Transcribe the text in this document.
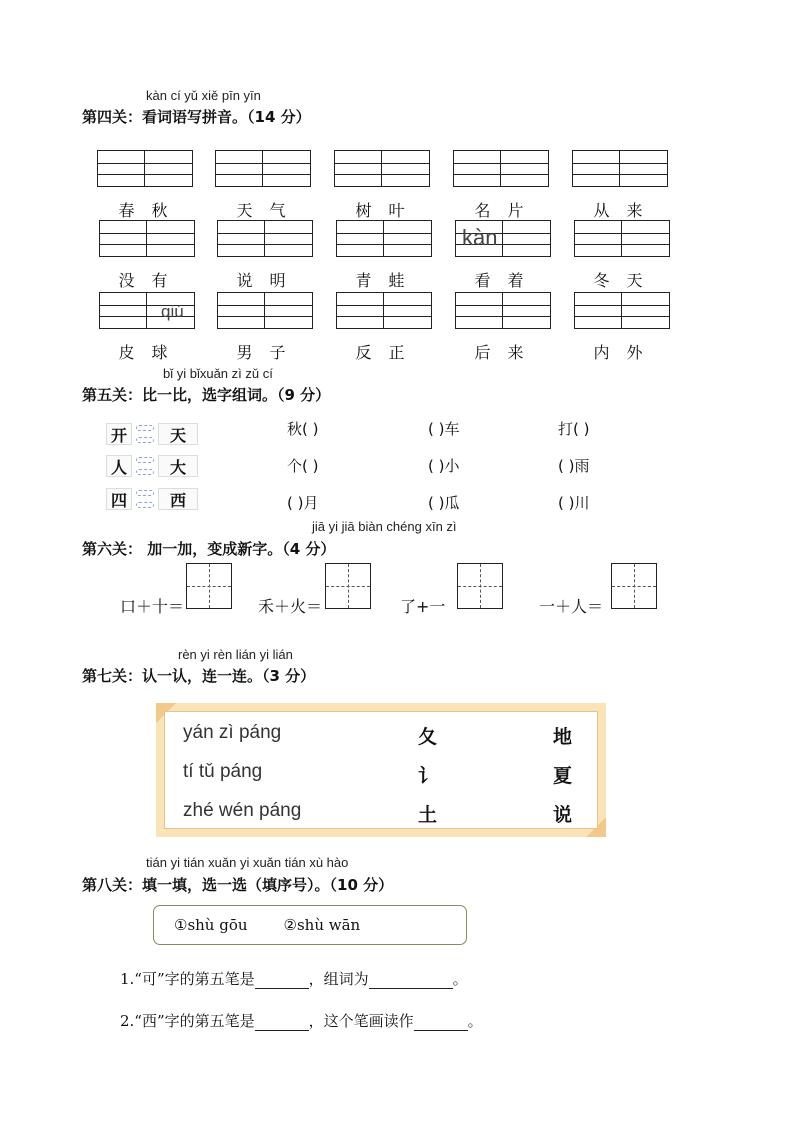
kàn cí yǔ xiě pīn yīn
第四关：看词语写拼音。（14 分）
春 秋	天 气	树 叶	名 片	从 来
没 有	说 明	青 蛙	看 着	冬 天
皮 球	男 子	反 正	后 来	内 外
kàn
qiú
bǐ yi bǐxuǎn zì zǔ cí
第五关：比一比，选字组词。（9 分）
开	天
人	大
四	西
秋( )	( )车	打( )
个( )	( )小	( )雨
( )月	( )瓜	( )川
jiā yi jiā biàn chéng xīn zì
第六关： 加一加，变成新字。（4 分）
口＋十＝	禾＋火＝	了+一	一＋人＝
rèn yi rèn lián yi lián
第七关：认一认，连一连。（3 分）
yán zì páng	夂	地
tí tǔ páng	讠	夏
zhé wén páng	土	说
tián yi tián xuǎn yi xuǎn tián xù hào
第八关：填一填，选一选（填序号）。（10 分）
①shù gōu ②shù wān
1.“可”字的第五笔是	，组词为	。
2.“西”字的第五笔是	，这个笔画读作	。
